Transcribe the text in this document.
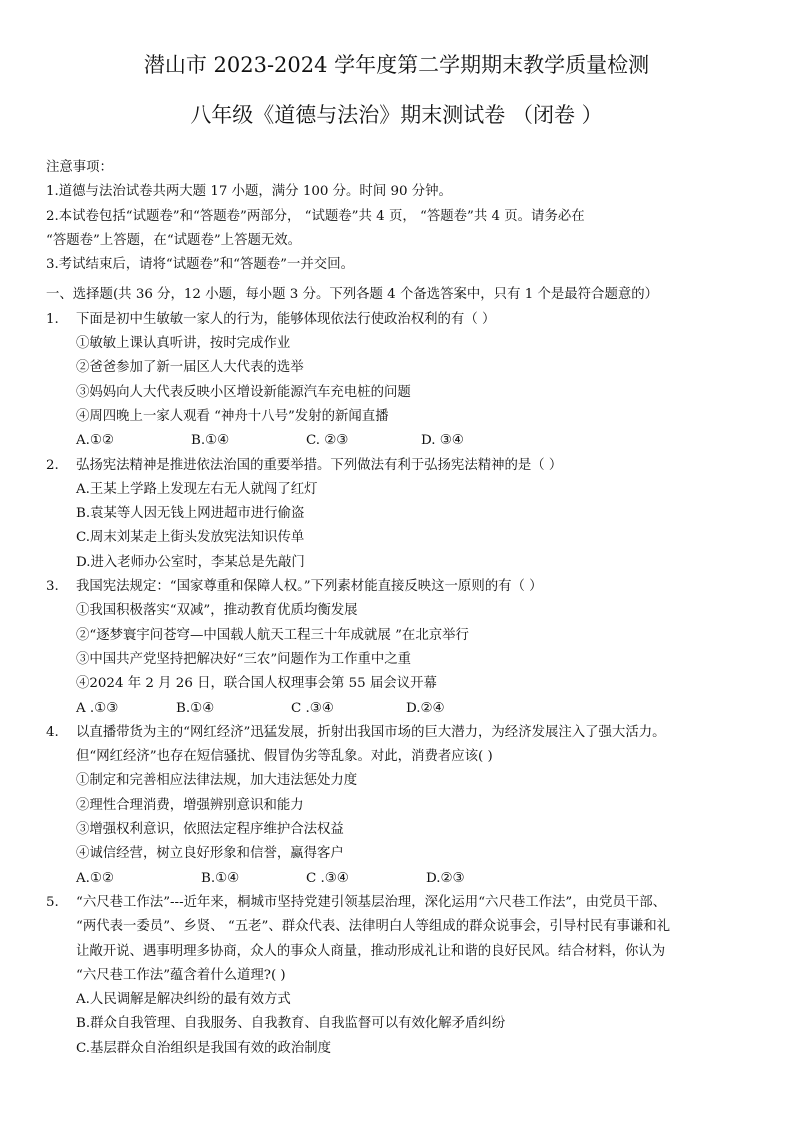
潜山市 2023-2024 学年度第二学期期末教学质量检测
八年级《道德与法治》期末测试卷 （闭卷 ）
注意事项：
1.道德与法治试卷共两大题 17 小题，满分 100 分。时间 90 分钟。
2.本试卷包括“试题卷”和“答题卷”两部分， “试题卷”共 4 页， “答题卷”共 4 页。请务必在
“答题卷”上答题，在“试题卷”上答题无效。
3.考试结束后，请将“试题卷”和“答题卷”一并交回。
一、选择题(共 36 分，12 小题，每小题 3 分。下列各题 4 个备选答案中，只有 1 个是最符合题意的）
1. 下面是初中生敏敏一家人的行为，能够体现依法行使政治权利的有（ ）
①敏敏上课认真听讲，按时完成作业
②爸爸参加了新一届区人大代表的选举
③妈妈向人大代表反映小区增设新能源汽车充电桩的问题
④周四晚上一家人观看 “神舟十八号”发射的新闻直播
A.①②	B.①④	C. ②③	D. ③④
2. 弘扬宪法精神是推进依法治国的重要举措。下列做法有利于弘扬宪法精神的是（ ）
A.王某上学路上发现左右无人就闯了红灯
B.袁某等人因无钱上网进超市进行偷盗
C.周末刘某走上街头发放宪法知识传单
D.进入老师办公室时，李某总是先敲门
3. 我国宪法规定：“国家尊重和保障人权。”下列素材能直接反映这一原则的有（ ）
①我国积极落实“双减”，推动教育优质均衡发展
②“逐梦寰宇问苍穹—中国载人航天工程三十年成就展 ”在北京举行
③中国共产党坚持把解决好“三农”问题作为工作重中之重
④2024 年 2 月 26 日，联合国人权理事会第 55 届会议开幕
A .①③	B.①④	C .③④	D.②④
4. 以直播带货为主的“网红经济”迅猛发展，折射出我国市场的巨大潜力，为经济发展注入了强大活力。
但“网红经济”也存在短信骚扰、假冒伪劣等乱象。对此，消费者应该( )
①制定和完善相应法律法规，加大违法惩处力度
②理性合理消费，增强辨别意识和能力
③增强权利意识，依照法定程序维护合法权益
④诚信经营，树立良好形象和信誉，赢得客户
A.①②	B.①④	C .③④	D.②③
5. “六尺巷工作法”---近年来，桐城市坚持党建引领基层治理，深化运用“六尺巷工作法”，由党员干部、
“两代表一委员”、乡贤、 “五老”、群众代表、法律明白人等组成的群众说事会，引导村民有事谦和礼
让敞开说、遇事明理多协商，众人的事众人商量，推动形成礼让和谐的良好民风。结合材料，你认为
“六尺巷工作法”蕴含着什么道理?( )
A.人民调解是解决纠纷的最有效方式
B.群众自我管理、自我服务、自我教育、自我监督可以有效化解矛盾纠纷
C.基层群众自治组织是我国有效的政治制度
